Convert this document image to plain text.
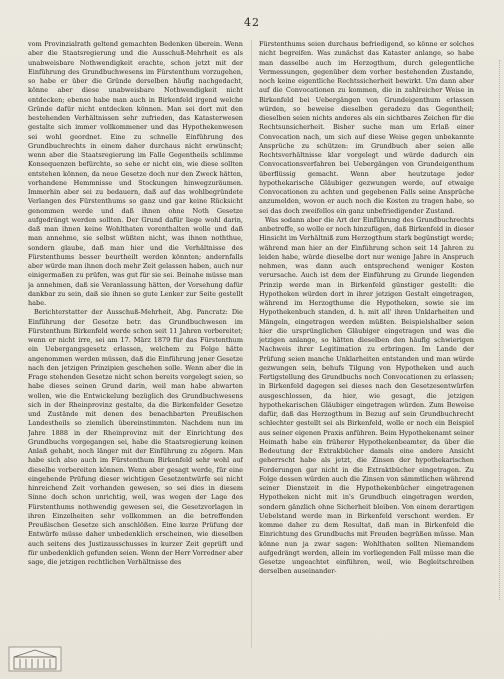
42

vom Provinzialrath geltend gemachten Bedenken überein. Wenn aber die Staatsregierung und die Ausschuß-Mehrheit es als unabweisbare Nothwendigkeit erachte, schon jetzt mit der Einführung des Grundbuchwesens im Fürstenthum vorzugehen, so habe er über die Gründe derselben häufig nachgedacht, könne aber diese unabweisbare Nothwendigkeit nicht entdecken; ebenso habe man auch in Birkenfeld irgend welche Gründe dafür nicht entdecken können. Man sei dort mit den bestehenden Verhältnissen sehr zufrieden, das Katasterwesen gestalte sich immer vollkommener und das Hypothekenwesen sei wohl geordnet. Eine zu schnelle Einführung des Grundbuchrechts in einem daher durchaus nicht erwünscht; wenn aber die Staatsregierung im Falle Gegentheils schlimme Konsequenzen befürchte, so sehe er nicht ein, wie diese sollten entstehen können, da neue Gesetze doch nur den Zweck hätten, vorhandene Hemmnisse und Stockungen hinwegzuräumen. Immerhin aber sei zu bedauern, daß auf das wohlbegründete Verlangen des Fürstenthums so ganz und gar keine Rücksicht genommen werde und daß ihnen ohne Noth Gesetze aufgedrängt werden sollten. Der Grund dafür liege wohl darin, daß man ihnen keine Wohlthaten vorenthalten wolle und daß man annehme, sie selbst wüßten nicht, was ihnen noththue, sondern glaube, daß man hier und die Verhältnisse des Fürstenthums besser beurtheilt werden könnten; andernfalls aber würde man ihnen doch mehr Zeit gelassen haben, auch nur einigermaßen zu prüfen, was gut für sie sei. Beinahe müsse man ja annehmen, daß sie Veranlassung hätten, der Vorsehung dafür dankbar zu sein, daß sie ihnen so gute Lenker zur Seite gestellt habe.

Berichterstatter der Ausschuß-Mehrheit, Abg. Pancratz: Die Einführung der Gesetze betr. das Grundbuchwesen im Fürstenthum Birkenfeld werde schon seit 11 Jahren vorbereitet; wenn er nicht irre, sei am 17. März 1879 für das Fürstenthum ein Uebergangsgesetz erlassen, welchem zu Folge hätte angenommen werden müssen, daß die Einführung jener Gesetze nach den jetzigen Prinzipien geschehen solle. Wenn aber die in Frage stehenden Gesetze nicht schon bereits vorgelegt seien, so habe dieses seinen Grund darin, weil man habe abwarten wollen, wie die Entwickelung bezüglich des Grundbuchwesens sich in der Rheinprovinz gestalte, da die Birkenfelder Gesetze und Zustände mit denen des benachbarten Preußischen Landestheils so ziemlich übereinstimmten. Nachdem nun im Jahre 1888 in der Rheinprovinz mit der Einrichtung des Grundbuchs vorgegangen sei, habe die Staatsregierung keinen Anlaß gehabt, noch länger mit der Einführung zu zögern. Man habe sich also auch im Fürstenthum Birkenfeld sehr wohl auf dieselbe vorbereiten können. Wenn aber gesagt werde, für eine eingehende Prüfung dieser wichtigen Gesetzentwürfe sei nicht hinreichend Zeit vorhanden gewesen, so sei dies in diesem Sinne doch schon unrichtig, weil, was wegen der Lage des Fürstenthums nothwendig gewesen sei, die Gesetzvorlagen in ihren Einzelheiten sehr vollkommen an die betreffenden Preußischen Gesetze sich anschlößen. Eine kurze Prüfung der Entwürfe müsse daher unbedenklich erscheinen, wie dieselben auch seitens des Justizausschusses in kurzer Zeit geprüft und für unbedenklich gefunden seien. Wenn der Herr Vorredner aber sage, die jetzigen rechtlichen Verhältnisse des

Fürstenthums seien durchaus befriedigend, so könne er solches nicht begreifen. Was zunächst das Kataster anlange, so habe man dasselbe auch im Herzogthum, durch gelegentliche Vermessungen, gegenüber dem vorher bestehenden Zustande, noch keine eigentliche Rechtssicherheit bewirkt. Um dann aber auf die Convocationen zu kommen, die in zahlreicher Weise in Birkenfeld bei Uebergängen von Grundeigenthum erlassen würden, so beweise dieselben geradezu das Gegentheil; dieselben seien nichts anderes als ein sichtbares Zeichen für die Rechtsunsicherheit. Bisher suche man um Erlaß einer Convocation nach, um sich auf diese Weise gegen unbekannte Ansprüche zu schützen: im Grundbuch aber seien alle Rechtsverhältnisse klar vorgelegt und würde dadurch ein Convocationsverfahren bei Uebergängen von Grundeigenthum überflüssig gemacht. Wenn aber heutzutage jeder hypothekarische Gläubiger gezwungen werde, auf etwaige Convocationen zu achten und gegebenen Falls seine Ansprüche anzumelden, wovon er auch noch die Kosten zu tragen habe, so sei das doch zweifellos ein ganz unbefriedigender Zustand.

Was sodann aber die Art der Einführung des Grundbuchrechts anbetreffe, so wolle er noch hinzufügen, daß Birkenfeld in dieser Hinsicht im Verhältniß zum Herzogthum stark begünstigt werde; während man hier an der Einführung schon seit 14 Jahren zu leiden habe, würde dieselbe dort nur wenige Jahre in Anspruch nehmen, was dann auch entsprechend weniger Kosten verursache. Auch ist dem der Einführung zu Grunde liegenden Prinzip werde man in Birkenfeld günstiger gestellt: die Hypotheken würden dort in ihrer jetzigen Gestalt eingetragen, während im Herzogthume die Hypotheken, sowie sie im Hypothekenbuch standen, d. h. mit all' ihren Unklarheiten und Mängeln, eingetragen werden müßten. Beispielshalber seien hier die ursprünglichen Gläubiger eingetragen und was die jetzigen anlange, so hätten dieselben den häufig schwierigen Nachweis ihrer Legitimation zu erbringen. Im Lande der Prüfung seien manche Unklarheiten entstanden und man würde gezwungen sein, behufs Tilgung von Hypotheken und auch Fertigstellung des Grundbuchs noch Convocationen zu erlassen; in Birkenfeld dagegen sei dieses nach den Gesetzesentwürfen ausgeschlossen, da hier, wie gesagt, die jetzigen hypothekarischen Gläubiger eingetragen würden. Zum Beweise dafür, daß das Herzogthum in Bezug auf sein Grundbuchrecht schlechter gestellt sei als Birkenfeld, wolle er noch ein Beispiel aus seiner eigenen Praxis anführen. Beim Hypothekenamt seiner Heimath habe ein früherer Hypothekenbeamter, da über die Bedeutung der Extrakbücher damals eine andere Ansicht geherrscht habe als jetzt, die Zinsen der hypothekarischen Forderungen gar nicht in die Extraktbücher eingetragen. Zu Folge dessen würden auch die Zinsen von sämmtlichen während seiner Dienstzeit in die Hypothekenbücher eingetragenen Hypotheken nicht mit in's Grundbuch eingetragen werden, sondern gänzlich ohne Sicherheit bleiben. Von einem derartigen Uebelstand werde man in Birkenfeld verschont werden. Er komme daher zu dem Resultat, daß man in Birkenfeld die Einrichtung des Grundbuchs mit Freuden begrüßen müsse. Man könne nun ja zwar sagen: Wohlthaten sollten Niemandem aufgedrängt werden, allein im vorliegenden Fall müsse man die Gesetze ungeachtet einführen, weil, wie Begleitschreiben derselben auseinander-
